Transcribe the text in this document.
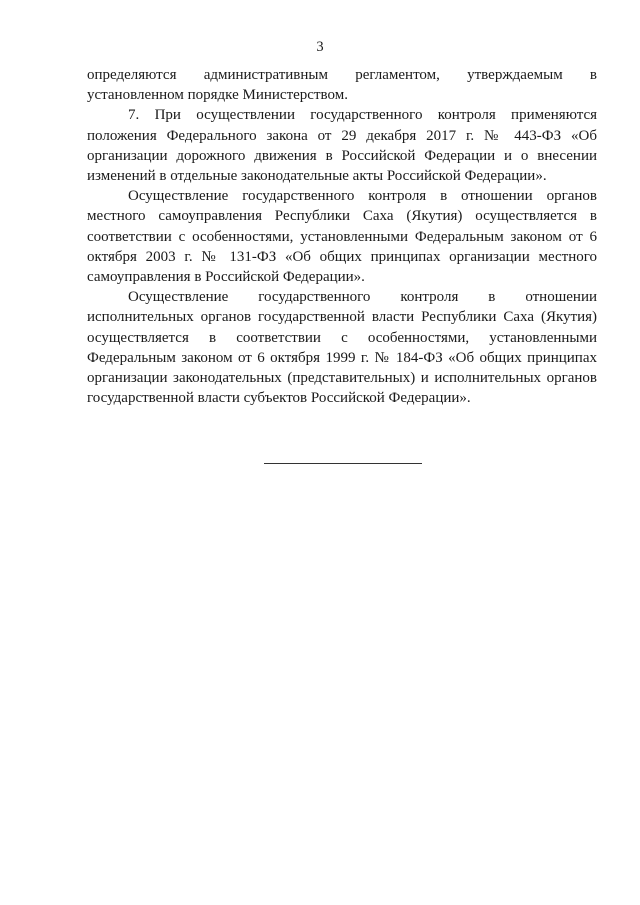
3

определяются административным регламентом, утверждаемым в установленном порядке Министерством.

7. При осуществлении государственного контроля применяются положения Федерального закона от 29 декабря 2017 г. № 443-ФЗ «Об организации дорожного движения в Российской Федерации и о внесении изменений в отдельные законодательные акты Российской Федерации».

Осуществление государственного контроля в отношении органов местного самоуправления Республики Саха (Якутия) осуществляется в соответствии с особенностями, установленными Федеральным законом от 6 октября 2003 г. № 131-ФЗ «Об общих принципах организации местного самоуправления в Российской Федерации».

Осуществление государственного контроля в отношении исполнительных органов государственной власти Республики Саха (Якутия) осуществляется в соответствии с особенностями, установленными Федеральным законом от 6 октября 1999 г. № 184-ФЗ «Об общих принципах организации законодательных (представительных) и исполнительных органов государственной власти субъектов Российской Федерации».
